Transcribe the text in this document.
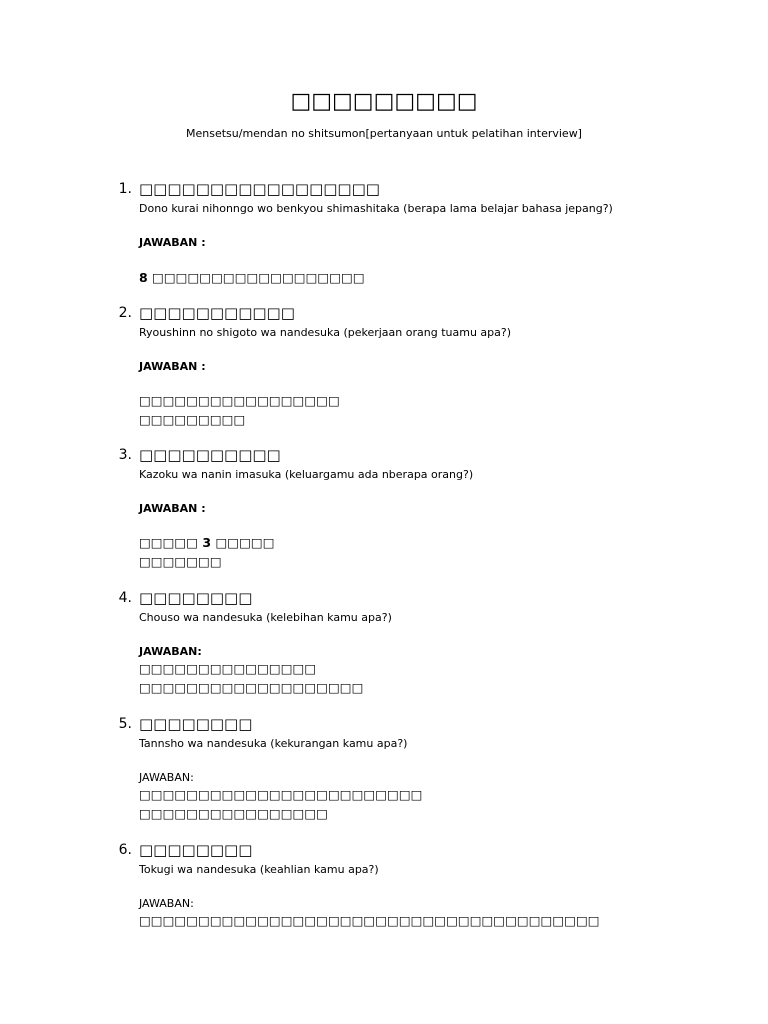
□□□□□□□□□
Mensetsu/mendan no shitsumon[pertanyaan untuk pelatihan interview]
1. □□□□□□□□□□□□□□□□□
Dono kurai nihonngo wo benkyou shimashitaka (berapa lama belajar bahasa jepang?)
JAWABAN :
8 □□□□□□□□□□□□□□□□□□
2. □□□□□□□□□□□
Ryoushinn no shigoto wa nandesuka (pekerjaan orang tuamu apa?)
JAWABAN :
□□□□□□□□□□□□□□□□□
□□□□□□□□□
3. □□□□□□□□□□
Kazoku wa nanin imasuka (keluargamu ada nberapa orang?)
JAWABAN :
□□□□□ 3 □□□□□
□□□□□□□
4. □□□□□□□□
Chouso wa nandesuka (kelebihan kamu apa?)
JAWABAN:
□□□□□□□□□□□□□□□
□□□□□□□□□□□□□□□□□□□
5. □□□□□□□□
Tannsho wa nandesuka (kekurangan kamu apa?)
JAWABAN:
□□□□□□□□□□□□□□□□□□□□□□□□
□□□□□□□□□□□□□□□□
6. □□□□□□□□
Tokugi wa nandesuka (keahlian kamu apa?)
JAWABAN:
□□□□□□□□□□□□□□□□□□□□□□□□□□□□□□□□□□□□□□□
